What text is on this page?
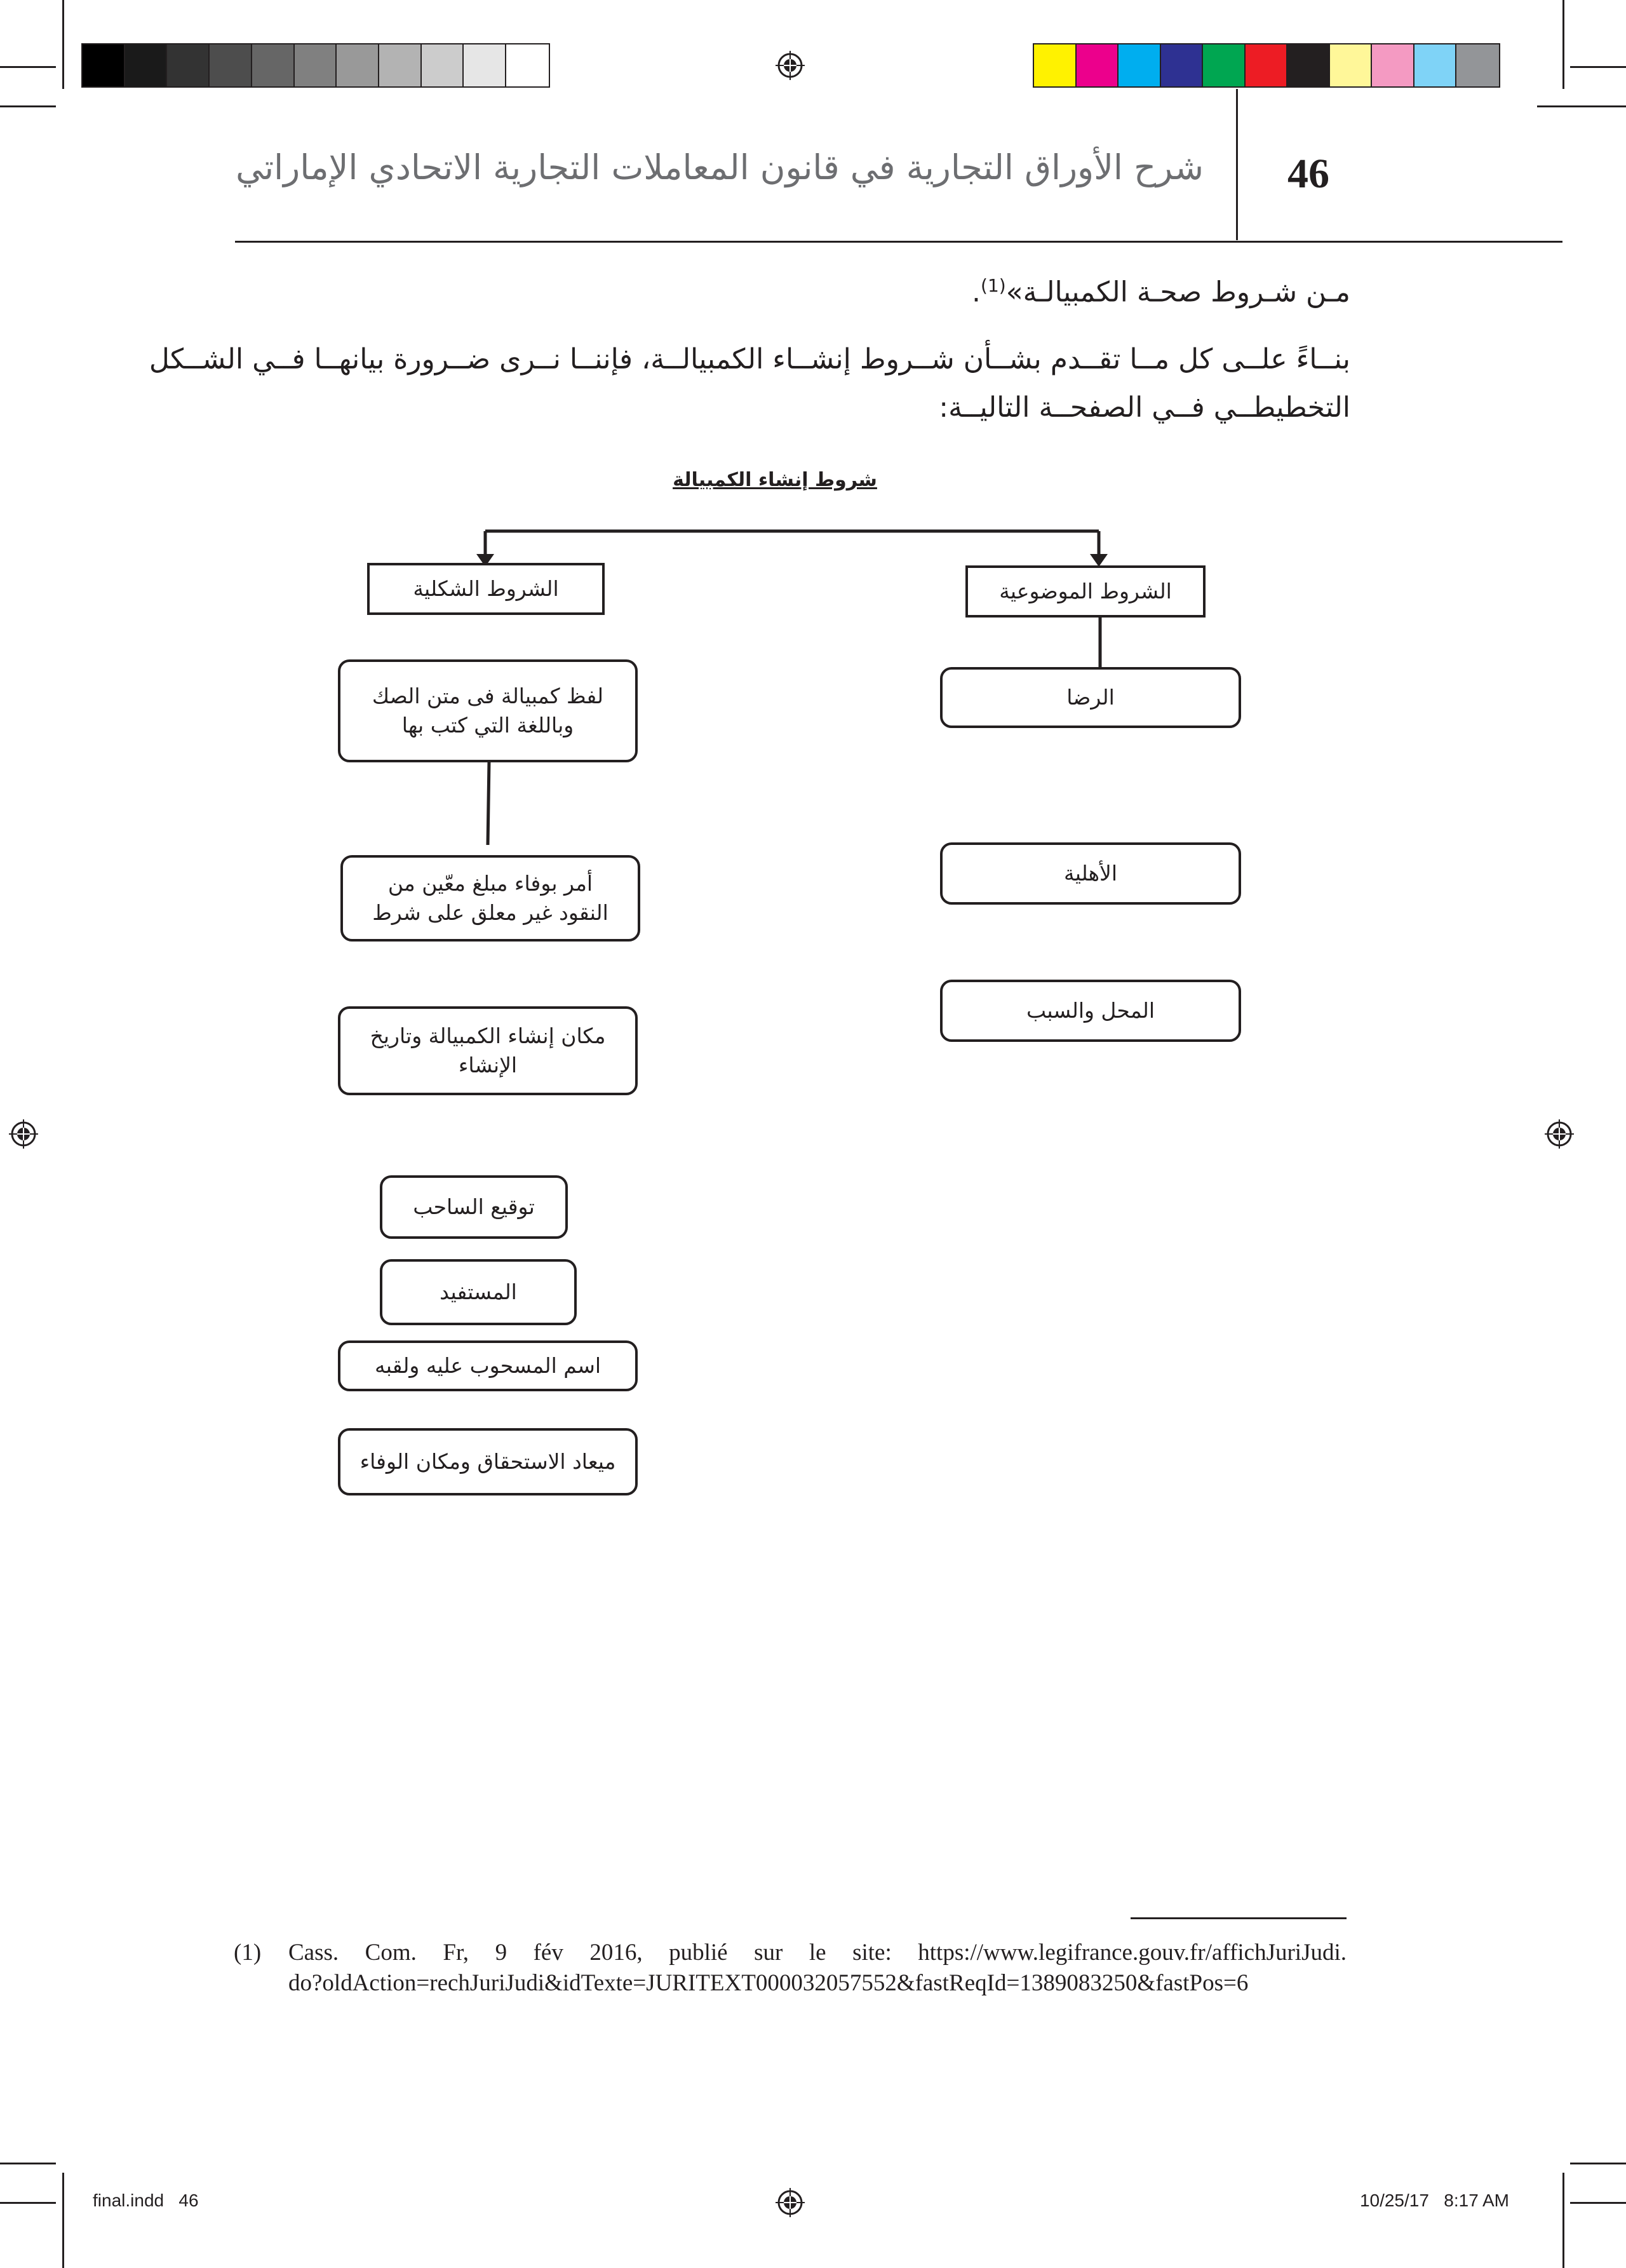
شرح الأوراق التجارية في قانون المعاملات التجارية الاتحادي الإماراتي	46
مـن شـروط صحـة الكمبيالـة»$^{(1)}$.
بنــاءً علــى كل مــا تقــدم بشــأن شــروط إنشــاء الكمبيالــة، فإننــا نــرى ضــرورة بيانهــا فــي الشــكل
التخطيطــي فــي الصفحــة التاليــة:
شروط إنشاء الكمبيالة
الشروط الشكلية
لفظ كمبيالة فى متن الصك وباللغة التي كتب بها
أمر بوفاء مبلغ معّين من النقود غير معلق على شرط
مكان إنشاء الكمبيالة وتاريخ الإنشاء
توقيع الساحب
المستفيد
اسم المسحوب عليه ولقبه
ميعاد الاستحقاق ومكان الوفاء
الشروط الموضوعية
الرضا
الأهلية
المحل والسبب
(1)	Cass. Com. Fr, 9 fév 2016, publié sur le site: https://www.legifrance.gouv.fr/affichJuriJudi.
do?oldAction=rechJuriJudi&idTexte=JURITEXT000032057552&fastReqId=1389083250&fastPos=6
final.indd   46	10/25/17   8:17 AM
